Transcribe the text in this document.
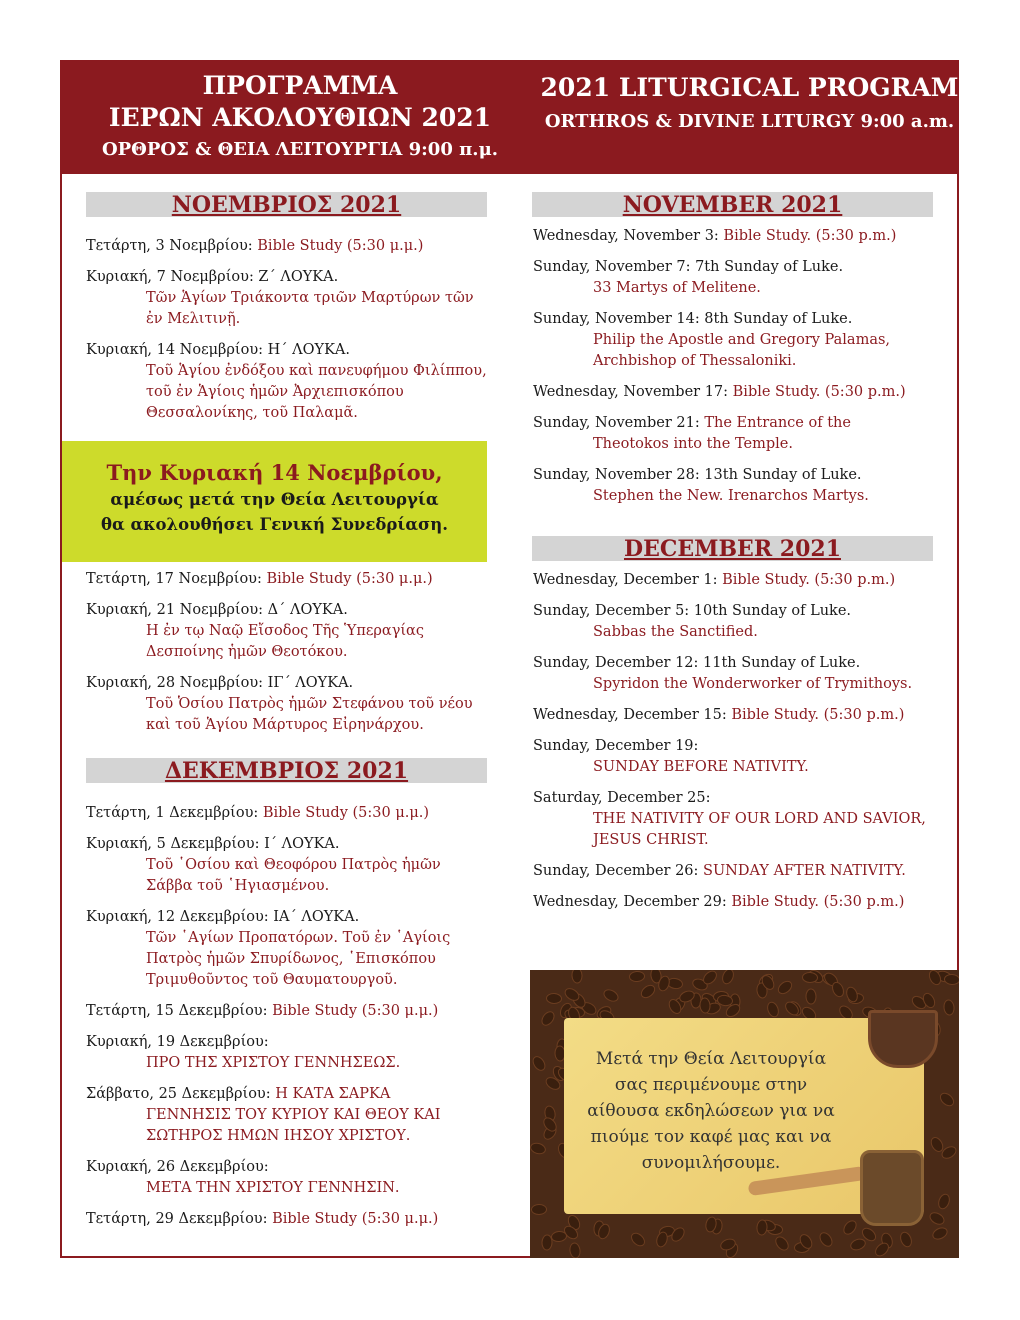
ΠΡΟΓΡΑΜΜΑ
ΙΕΡΩΝ ΑΚΟΛΟΥΘΙΩΝ 2021
ΟΡΘΡΟΣ & ΘΕΙΑ ΛΕΙΤΟΥΡΓΙΑ 9:00 π.μ.
2021 LITURGICAL PROGRAM
ORTHROS & DIVINE LITURGY 9:00 a.m.
ΝΟΕΜΒΡΙΟΣ 2021
Τετάρτη, 3 Νοεμβρίου: Bible Study (5:30 μ.μ.)
Κυριακή, 7 Νοεμβρίου: Ζ΄ ΛΟΥΚΑ.
Τῶν Ἁγίων Τριάκοντα τριῶν Μαρτύρων τῶν ἐν Μελιτινῇ.
Κυριακή, 14 Νοεμβρίου: Η΄ ΛΟΥΚΑ.
Τοῦ Ἁγίου ἐνδόξου καὶ πανευφήμου Φιλίππου, τοῦ ἐν Ἁγίοις ἡμῶν Ἀρχιεπισκόπου Θεσσαλονίκης, τοῦ Παλαμᾶ.
Την Κυριακή 14 Νοεμβρίου,
αμέσως μετά την Θεία Λειτουργία
θα ακολουθήσει Γενική Συνεδρίαση.
Τετάρτη, 17 Νοεμβρίου: Bible Study (5:30 μ.μ.)
Κυριακή, 21 Νοεμβρίου: Δ΄ ΛΟΥΚΑ.
Η ἐν τῳ Ναῷ Εἴσοδος Τῆς Ὑπεραγίας Δεσποίνης ἡμῶν Θεοτόκου.
Κυριακή, 28 Νοεμβρίου: ΙΓ΄ ΛΟΥΚΑ.
Τοῦ Ὁσίου Πατρὸς ἡμῶν Στεφάνου τοῦ νέου καὶ τοῦ Ἁγίου Μάρτυρος Εἰρηνάρχου.
ΔΕΚΕΜΒΡΙΟΣ 2021
Τετάρτη, 1 Δεκεμβρίου: Bible Study (5:30 μ.μ.)
Κυριακή, 5 Δεκεμβρίου: Ι΄ ΛΟΥΚΑ.
Τοῦ ῾Οσίου καὶ Θεοφόρου Πατρὸς ἡμῶν Σάββα τοῦ ῾Ηγιασμένου.
Κυριακή, 12 Δεκεμβρίου: ΙΑ΄ ΛΟΥΚΑ.
Τῶν ῾Αγίων Προπατόρων. Τοῦ ἐν ῾Αγίοις Πατρὸς ἡμῶν Σπυρίδωνος, ῾Επισκόπου Τριμυθοῦντος τοῦ Θαυματουργοῦ.
Τετάρτη, 15 Δεκεμβρίου: Bible Study (5:30 μ.μ.)
Κυριακή, 19 Δεκεμβρίου:
ΠΡΟ ΤΗΣ ΧΡΙΣΤΟΥ ΓΕΝΝΗΣΕΩΣ.
Σάββατο, 25 Δεκεμβρίου: Η ΚΑΤΑ ΣΑΡΚΑ
ΓΕΝΝΗΣΙΣ ΤΟΥ ΚΥΡΙΟΥ ΚΑΙ ΘΕΟΥ ΚΑΙ ΣΩΤΗΡΟΣ ΗΜΩΝ ΙΗΣΟΥ ΧΡΙΣΤΟΥ.
Κυριακή, 26 Δεκεμβρίου:
ΜΕΤΑ ΤΗΝ ΧΡΙΣΤΟΥ ΓΕΝΝΗΣΙΝ.
Τετάρτη, 29 Δεκεμβρίου: Bible Study (5:30 μ.μ.)
NOVEMBER 2021
Wednesday, November 3: Bible Study. (5:30 p.m.)
Sunday, November 7: 7th Sunday of Luke.
33 Martys of Melitene.
Sunday, November 14: 8th Sunday of Luke.
Philip the Apostle and Gregory Palamas, Archbishop of Thessaloniki.
Wednesday, November 17: Bible Study. (5:30 p.m.)
Sunday, November 21: The Entrance of the
Theotokos into the Temple.
Sunday, November 28: 13th Sunday of Luke.
Stephen the New. Irenarchos Martys.
DECEMBER 2021
Wednesday, December 1: Bible Study. (5:30 p.m.)
Sunday, December 5: 10th Sunday of Luke.
Sabbas the Sanctified.
Sunday, December 12: 11th Sunday of Luke.
Spyridon the Wonderworker of Trymithoys.
Wednesday, December 15: Bible Study. (5:30 p.m.)
Sunday, December 19:
SUNDAY BEFORE NATIVITY.
Saturday, December 25:
THE NATIVITY OF OUR LORD AND SAVIOR, JESUS CHRIST.
Sunday, December 26: SUNDAY AFTER NATIVITY.
Wednesday, December 29: Bible Study. (5:30 p.m.)
Μετά την Θεία Λειτουργία σας περιμένουμε στην αίθουσα εκδηλώσεων για να πιούμε τον καφέ μας και να συνομιλήσουμε.
